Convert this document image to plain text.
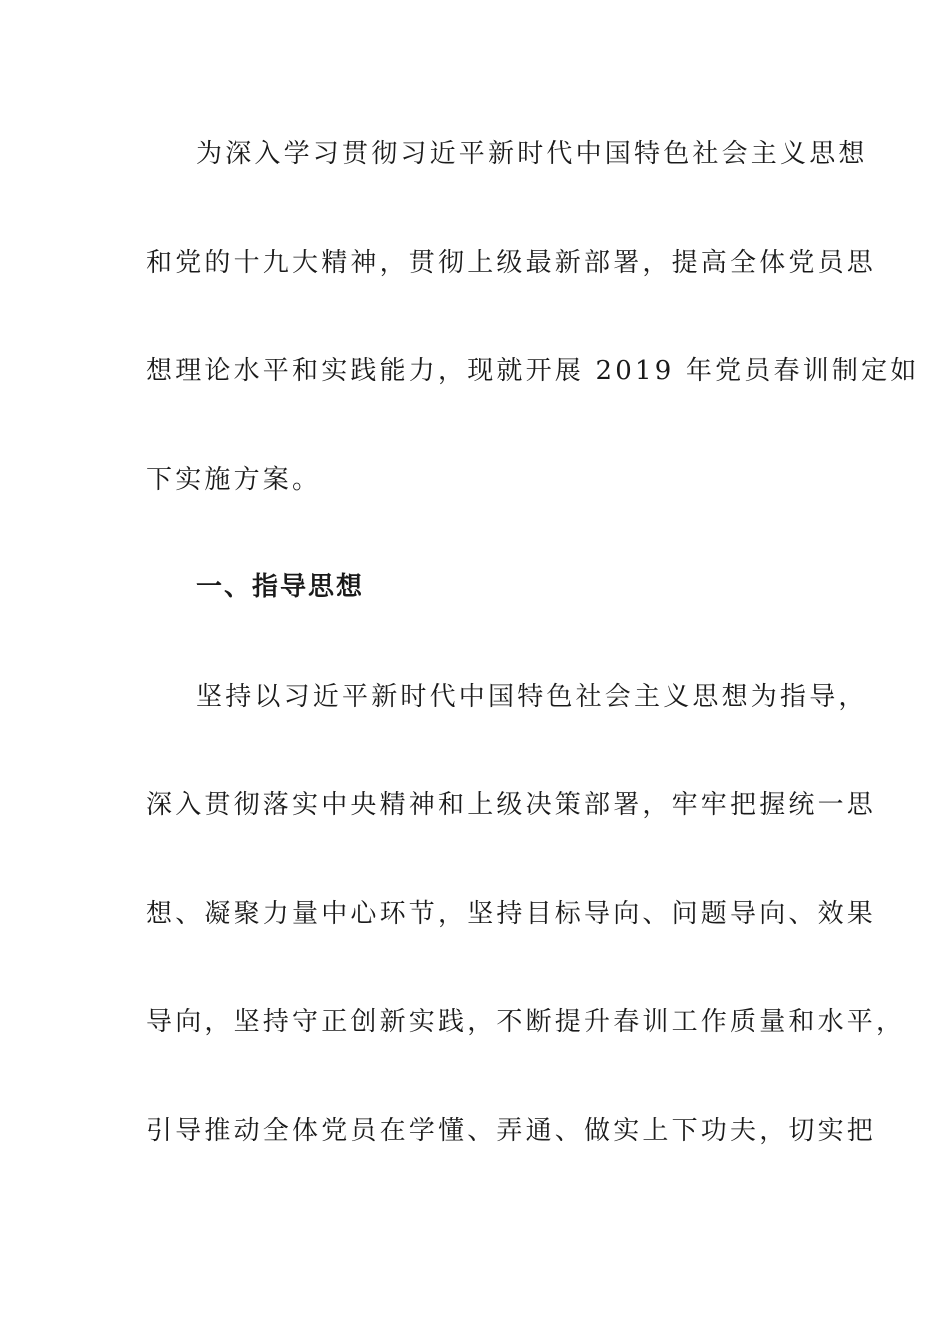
为深入学习贯彻习近平新时代中国特色社会主义思想
和党的十九大精神，贯彻上级最新部署，提高全体党员思
想理论水平和实践能力，现就开展 2019 年党员春训制定如
下实施方案。
一、指导思想
坚持以习近平新时代中国特色社会主义思想为指导，
深入贯彻落实中央精神和上级决策部署，牢牢把握统一思
想、凝聚力量中心环节，坚持目标导向、问题导向、效果
导向，坚持守正创新实践，不断提升春训工作质量和水平，
引导推动全体党员在学懂、弄通、做实上下功夫，切实把
